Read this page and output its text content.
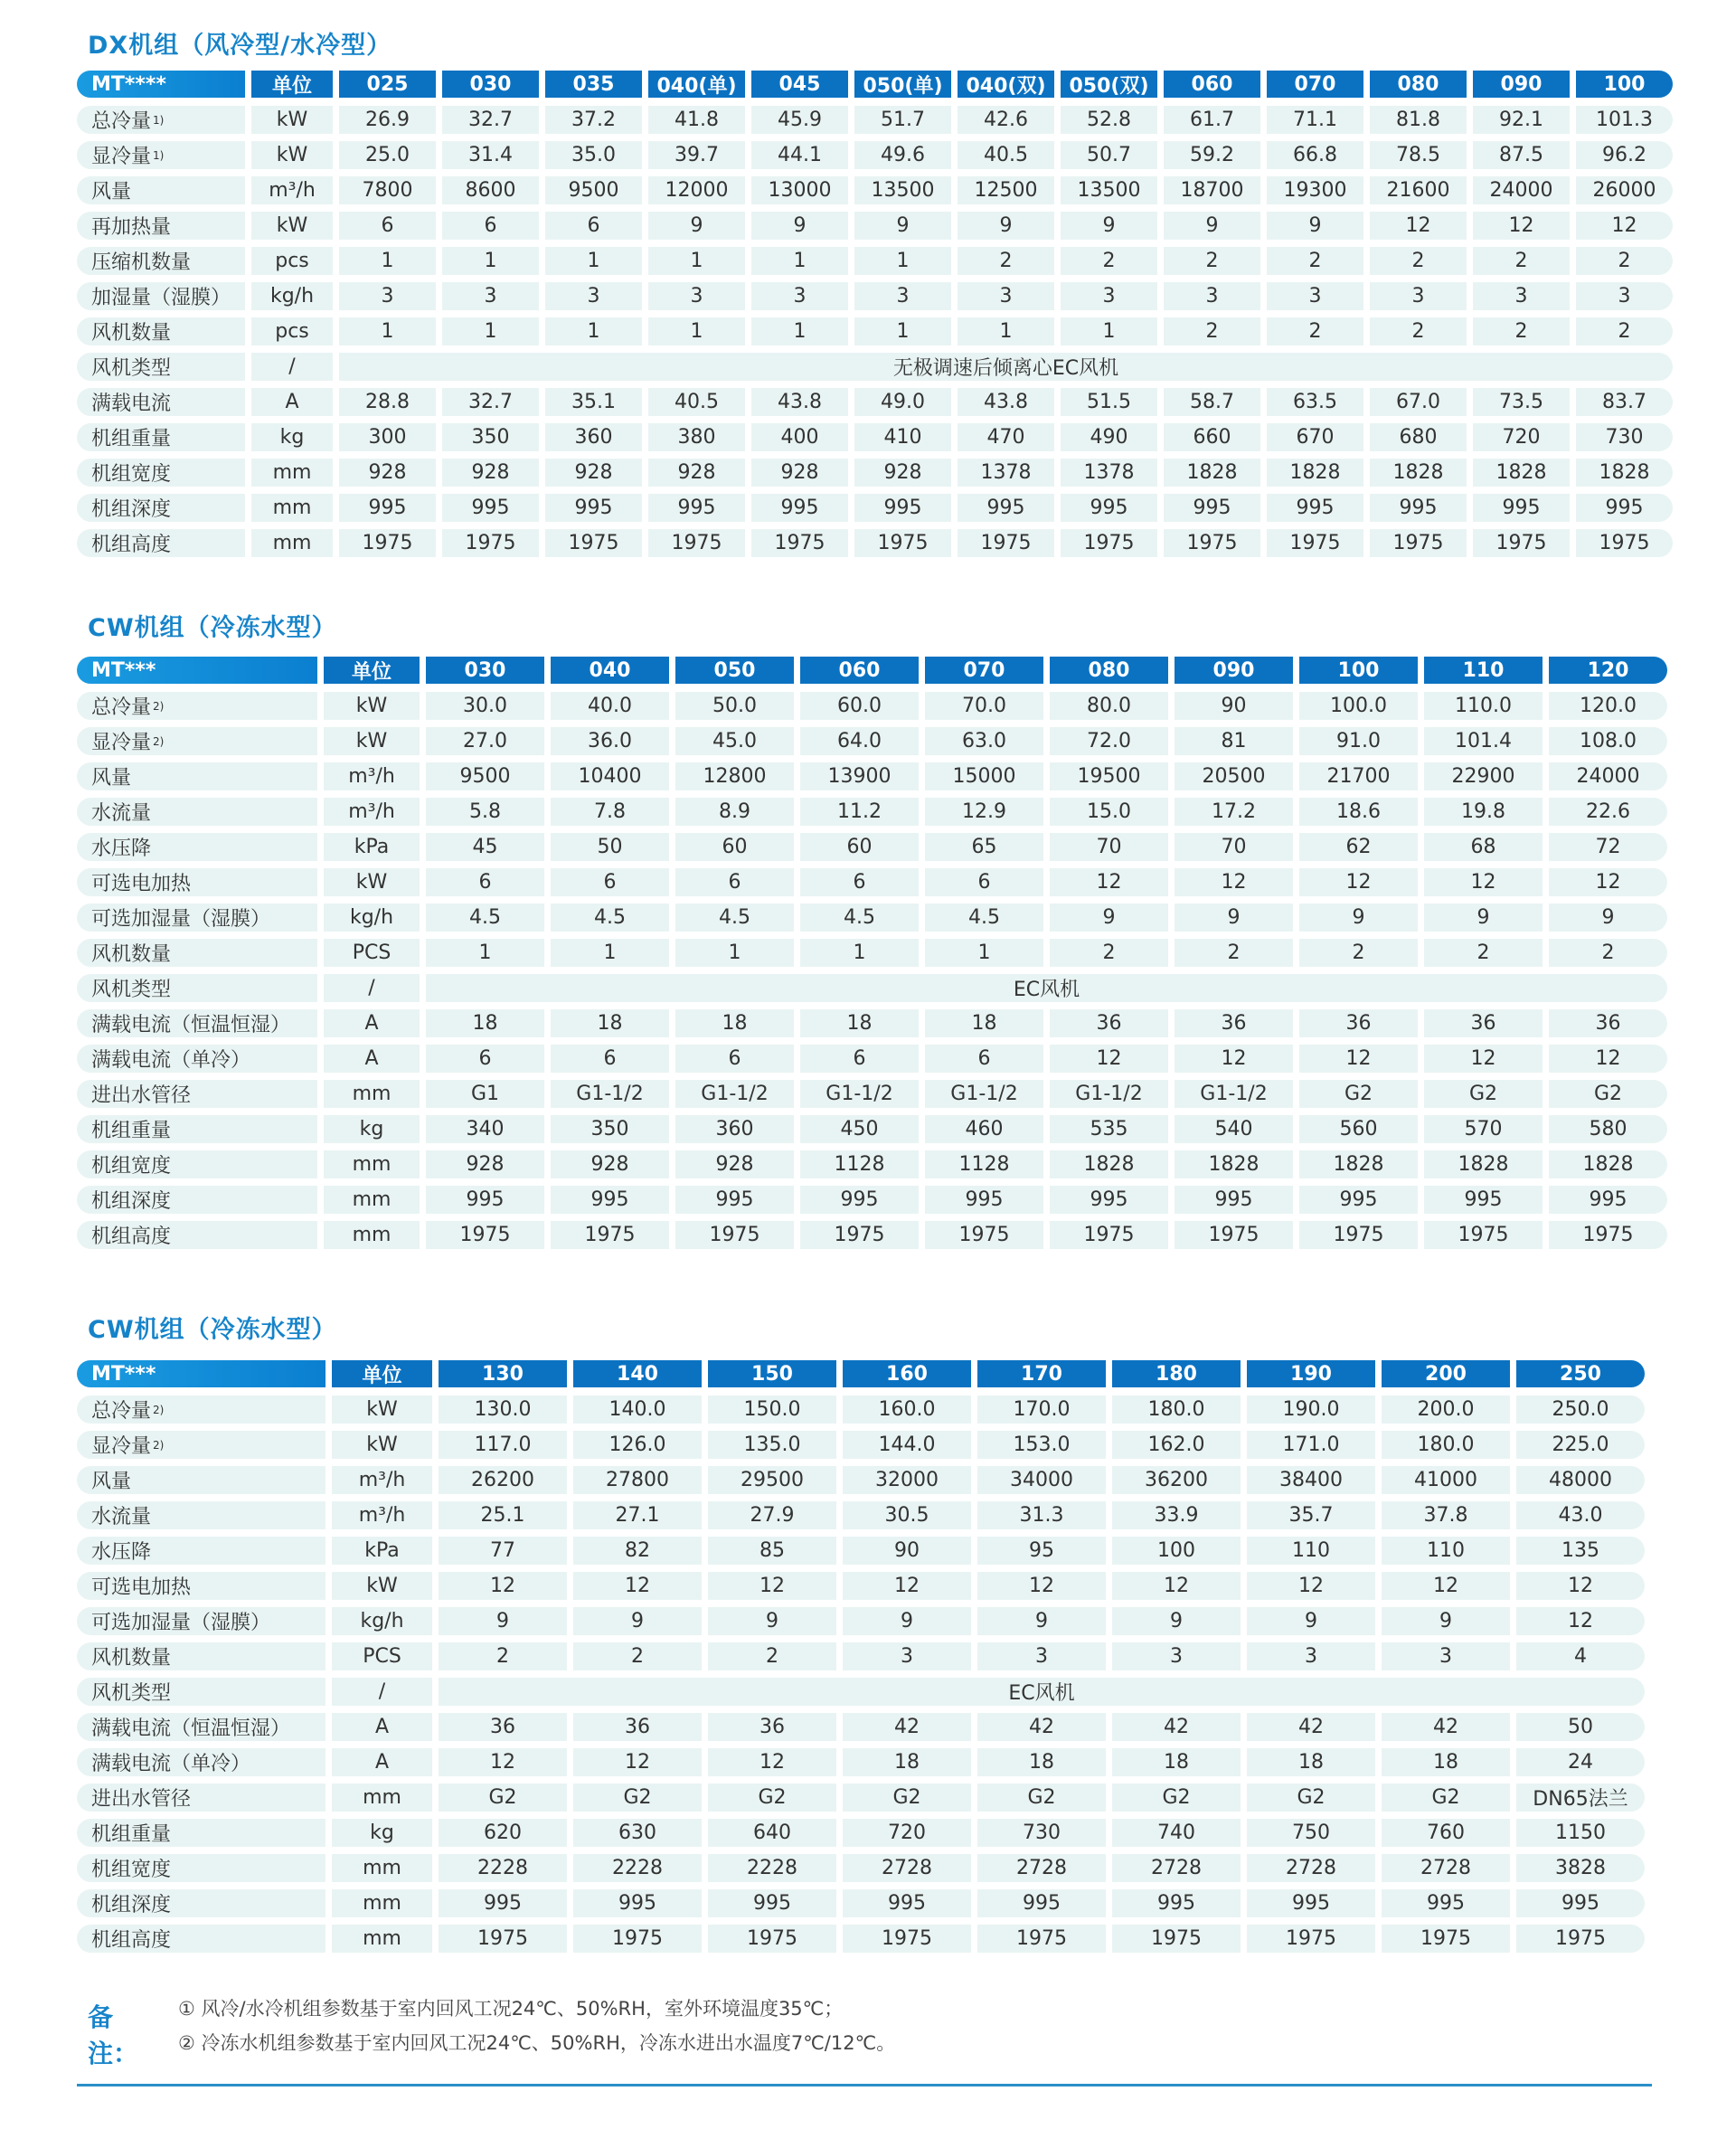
DX机组（风冷型/水冷型）
CW机组（冷冻水型）
CW机组（冷冻水型）
MT****	单位	025	030	035	040(单)	045	050(单)	040(双)	050(双)	060	070	080	090	100
总冷量 1)	kW	26.9	32.7	37.2	41.8	45.9	51.7	42.6	52.8	61.7	71.1	81.8	92.1	101.3
显冷量 1)	kW	25.0	31.4	35.0	39.7	44.1	49.6	40.5	50.7	59.2	66.8	78.5	87.5	96.2
风量	m³/h	7800	8600	9500	12000	13000	13500	12500	13500	18700	19300	21600	24000	26000
再加热量	kW	6	6	6	9	9	9	9	9	9	9	12	12	12
压缩机数量	pcs	1	1	1	1	1	1	2	2	2	2	2	2	2
加湿量（湿膜）	kg/h	3	3	3	3	3	3	3	3	3	3	3	3	3
风机数量	pcs	1	1	1	1	1	1	1	1	2	2	2	2	2
风机类型	/	无极调速后倾离心EC风机
满载电流	A	28.8	32.7	35.1	40.5	43.8	49.0	43.8	51.5	58.7	63.5	67.0	73.5	83.7
机组重量	kg	300	350	360	380	400	410	470	490	660	670	680	720	730
机组宽度	mm	928	928	928	928	928	928	1378	1378	1828	1828	1828	1828	1828
机组深度	mm	995	995	995	995	995	995	995	995	995	995	995	995	995
机组高度	mm	1975	1975	1975	1975	1975	1975	1975	1975	1975	1975	1975	1975	1975
MT***	单位	030	040	050	060	070	080	090	100	110	120
总冷量 2)	kW	30.0	40.0	50.0	60.0	70.0	80.0	90	100.0	110.0	120.0
显冷量 2)	kW	27.0	36.0	45.0	64.0	63.0	72.0	81	91.0	101.4	108.0
风量	m³/h	9500	10400	12800	13900	15000	19500	20500	21700	22900	24000
水流量	m³/h	5.8	7.8	8.9	11.2	12.9	15.0	17.2	18.6	19.8	22.6
水压降	kPa	45	50	60	60	65	70	70	62	68	72
可选电加热	kW	6	6	6	6	6	12	12	12	12	12
可选加湿量（湿膜）	kg/h	4.5	4.5	4.5	4.5	4.5	9	9	9	9	9
风机数量	PCS	1	1	1	1	1	2	2	2	2	2
风机类型	/	EC风机
满载电流（恒温恒湿）	A	18	18	18	18	18	36	36	36	36	36
满载电流（单冷）	A	6	6	6	6	6	12	12	12	12	12
进出水管径	mm	G1	G1-1/2	G1-1/2	G1-1/2	G1-1/2	G1-1/2	G1-1/2	G2	G2	G2
机组重量	kg	340	350	360	450	460	535	540	560	570	580
机组宽度	mm	928	928	928	1128	1128	1828	1828	1828	1828	1828
机组深度	mm	995	995	995	995	995	995	995	995	995	995
机组高度	mm	1975	1975	1975	1975	1975	1975	1975	1975	1975	1975
MT***	单位	130	140	150	160	170	180	190	200	250
总冷量 2)	kW	130.0	140.0	150.0	160.0	170.0	180.0	190.0	200.0	250.0
显冷量 2)	kW	117.0	126.0	135.0	144.0	153.0	162.0	171.0	180.0	225.0
风量	m³/h	26200	27800	29500	32000	34000	36200	38400	41000	48000
水流量	m³/h	25.1	27.1	27.9	30.5	31.3	33.9	35.7	37.8	43.0
水压降	kPa	77	82	85	90	95	100	110	110	135
可选电加热	kW	12	12	12	12	12	12	12	12	12
可选加湿量（湿膜）	kg/h	9	9	9	9	9	9	9	9	12
风机数量	PCS	2	2	2	3	3	3	3	3	4
风机类型	/	EC风机
满载电流（恒温恒湿）	A	36	36	36	42	42	42	42	42	50
满载电流（单冷）	A	12	12	12	18	18	18	18	18	24
进出水管径	mm	G2	G2	G2	G2	G2	G2	G2	G2	DN65法兰
机组重量	kg	620	630	640	720	730	740	750	760	1150
机组宽度	mm	2228	2228	2228	2728	2728	2728	2728	2728	3828
机组深度	mm	995	995	995	995	995	995	995	995	995
机组高度	mm	1975	1975	1975	1975	1975	1975	1975	1975	1975
备注：
① 风冷/水冷机组参数基于室内回风工况24℃、50%RH，室外环境温度35℃；
② 冷冻水机组参数基于室内回风工况24℃、50%RH，冷冻水进出水温度7℃/12℃。
